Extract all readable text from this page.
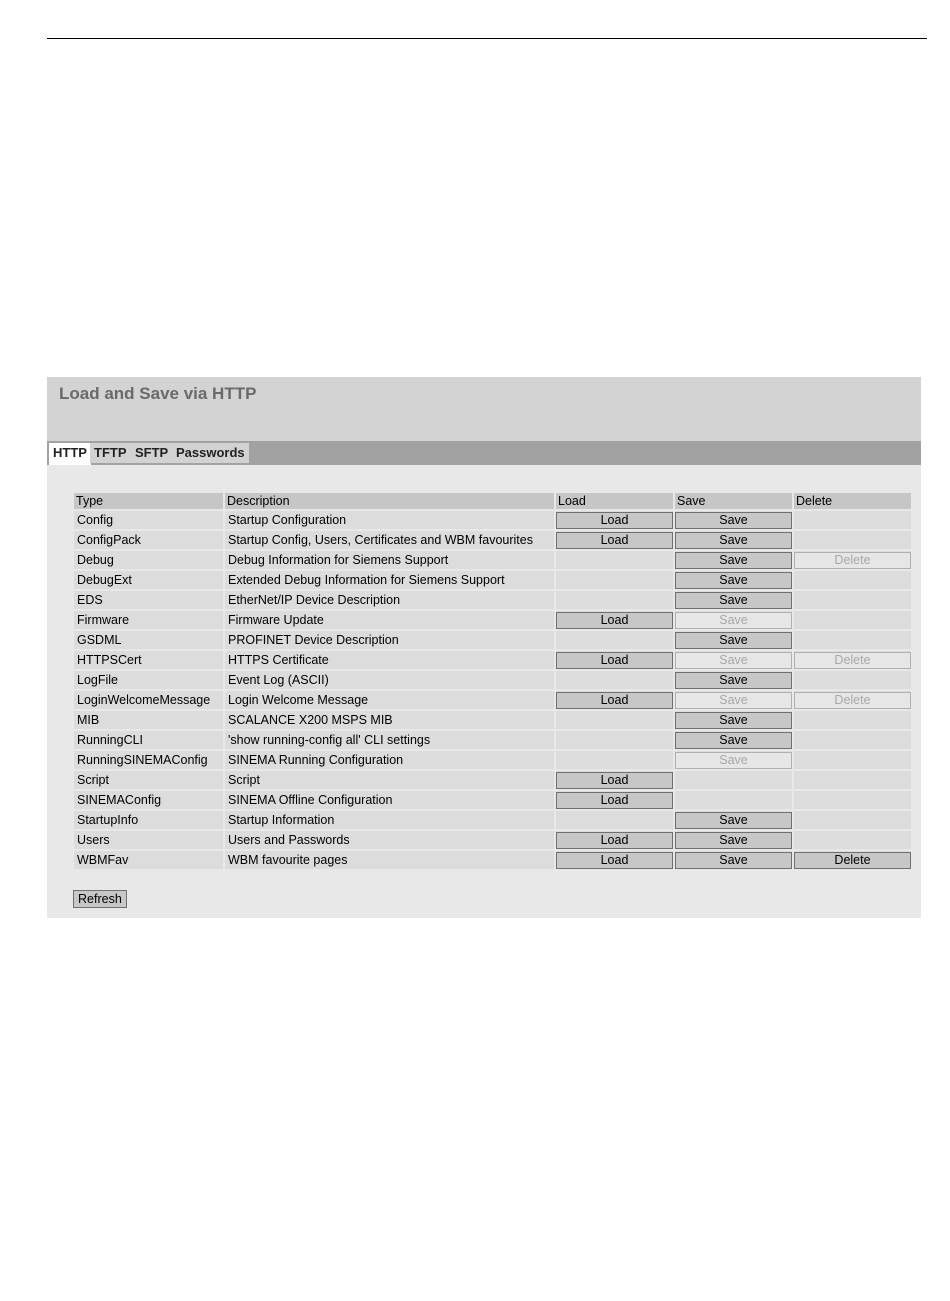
Load and Save via HTTP
HTTP TFTP SFTP Passwords
Type	Description	Load	Save	Delete
Config	Startup Configuration	Load	Save	

ConfigPack	Startup Config, Users, Certificates and WBM favourites	Load	Save	

Debug	Debug Information for Siemens Support		Save	Delete

DebugExt	Extended Debug Information for Siemens Support		Save	

EDS	EtherNet/IP Device Description		Save	

Firmware	Firmware Update	Load	Save	

GSDML	PROFINET Device Description		Save	

HTTPSCert	HTTPS Certificate	Load	Save	Delete

LogFile	Event Log (ASCII)		Save	

LoginWelcomeMessage	Login Welcome Message	Load	Save	Delete

MIB	SCALANCE X200 MSPS MIB		Save	

RunningCLI	'show running-config all' CLI settings		Save	

RunningSINEMAConfig	SINEMA Running Configuration		Save	

Script	Script	Load		

SINEMAConfig	SINEMA Offline Configuration	Load		

StartupInfo	Startup Information		Save	

Users	Users and Passwords	Load	Save	

WBMFav	WBM favourite pages	Load	Save	Delete
Refresh
